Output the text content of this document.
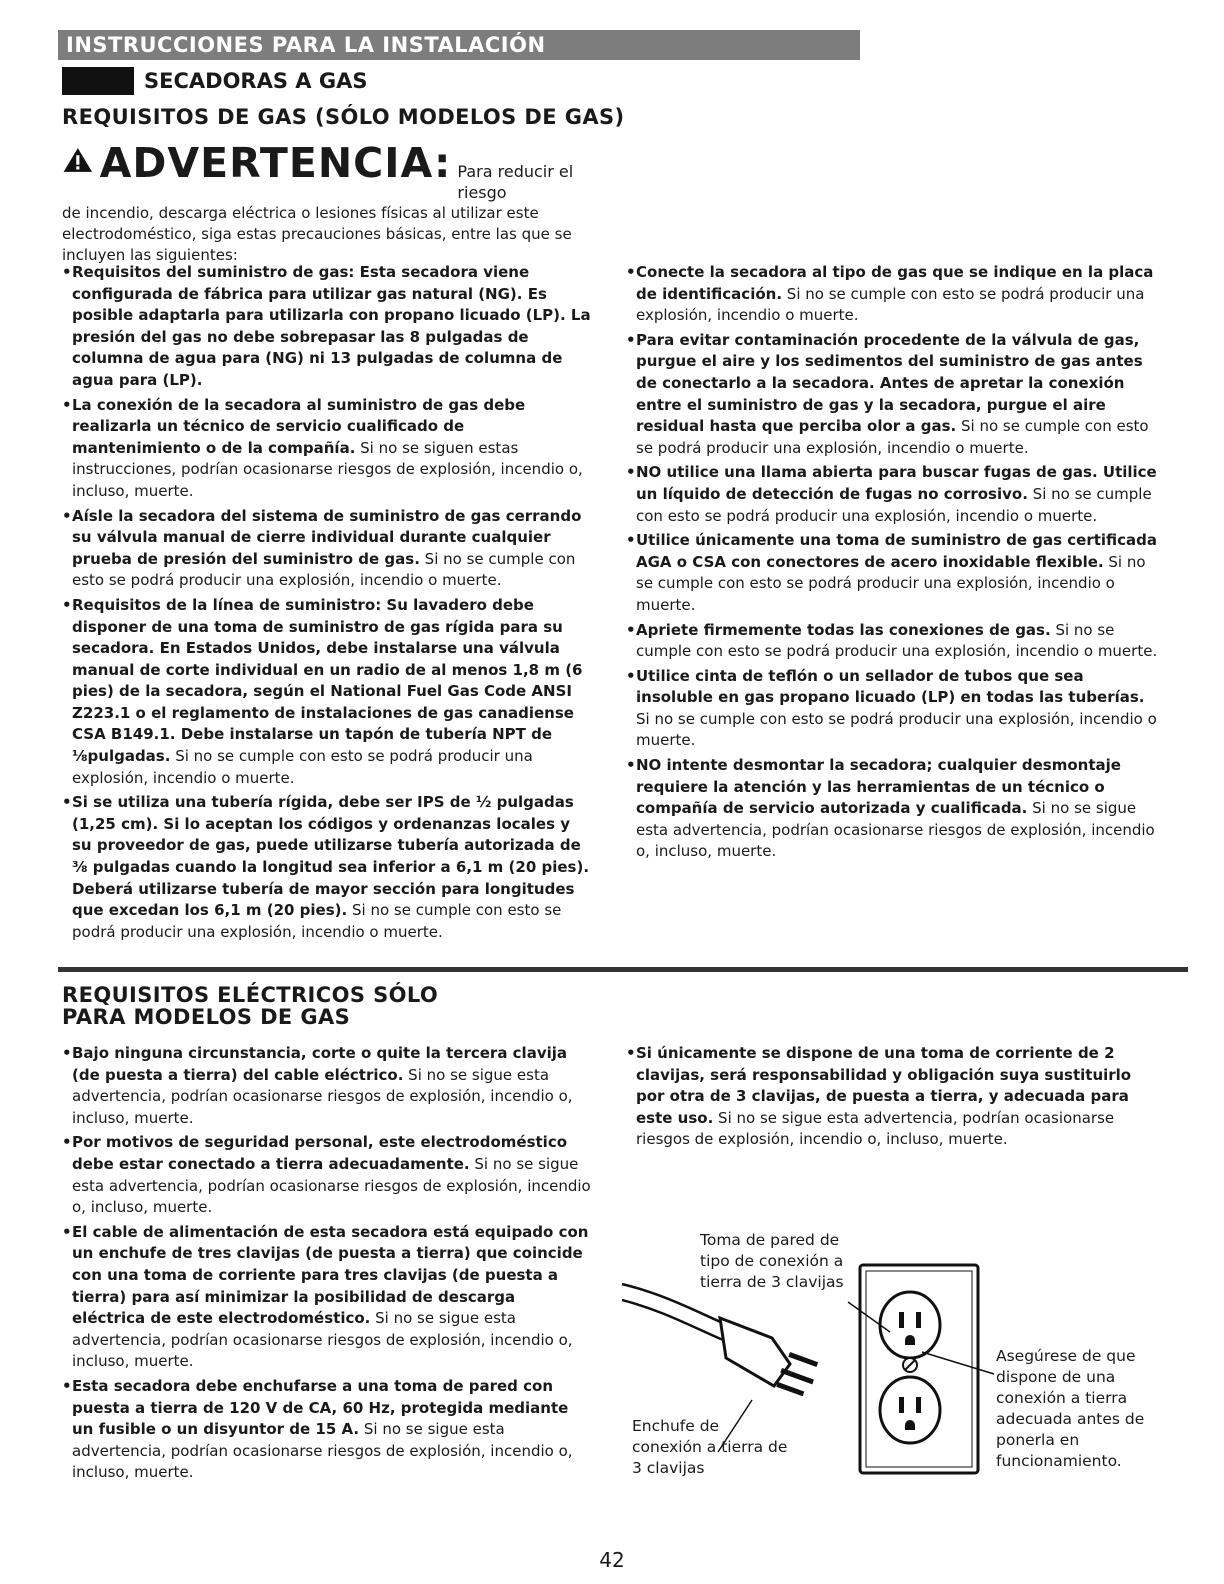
INSTRUCCIONES PARA LA INSTALACIÓN
SECADORAS A GAS
REQUISITOS DE GAS (SÓLO MODELOS DE GAS)
ADVERTENCIA: Para reducir el riesgo
de incendio, descarga eléctrica o lesiones físicas al utilizar este electrodoméstico, siga estas precauciones básicas, entre las que se incluyen las siguientes:
• Requisitos del suministro de gas: Esta secadora viene configurada de fábrica para utilizar gas natural (NG). Es posible adaptarla para utilizarla con propano licuado (LP). La presión del gas no debe sobrepasar las 8 pulgadas de columna de agua para (NG) ni 13 pulgadas de columna de agua para (LP).
• La conexión de la secadora al suministro de gas debe realizarla un técnico de servicio cualificado de mantenimiento o de la compañía. Si no se siguen estas instrucciones, podrían ocasionarse riesgos de explosión, incendio o, incluso, muerte.
• Aísle la secadora del sistema de suministro de gas cerrando su válvula manual de cierre individual durante cualquier prueba de presión del suministro de gas. Si no se cumple con esto se podrá producir una explosión, incendio o muerte.
• Requisitos de la línea de suministro: Su lavadero debe disponer de una toma de suministro de gas rígida para su secadora. En Estados Unidos, debe instalarse una válvula manual de corte individual en un radio de al menos 1,8 m (6 pies) de la secadora, según el National Fuel Gas Code ANSI Z223.1 o el reglamento de instalaciones de gas canadiense CSA B149.1. Debe instalarse un tapón de tubería NPT de ⅛pulgadas. Si no se cumple con esto se podrá producir una explosión, incendio o muerte.
• Si se utiliza una tubería rígida, debe ser IPS de ½ pulgadas (1,25 cm). Si lo aceptan los códigos y ordenanzas locales y su proveedor de gas, puede utilizarse tubería autorizada de ⅜ pulgadas cuando la longitud sea inferior a 6,1 m (20 pies). Deberá utilizarse tubería de mayor sección para longitudes que excedan los 6,1 m (20 pies). Si no se cumple con esto se podrá producir una explosión, incendio o muerte.
• Conecte la secadora al tipo de gas que se indique en la placa de identificación. Si no se cumple con esto se podrá producir una explosión, incendio o muerte.
• Para evitar contaminación procedente de la válvula de gas, purgue el aire y los sedimentos del suministro de gas antes de conectarlo a la secadora. Antes de apretar la conexión entre el suministro de gas y la secadora, purgue el aire residual hasta que perciba olor a gas. Si no se cumple con esto se podrá producir una explosión, incendio o muerte.
• NO utilice una llama abierta para buscar fugas de gas. Utilice un líquido de detección de fugas no corrosivo. Si no se cumple con esto se podrá producir una explosión, incendio o muerte.
• Utilice únicamente una toma de suministro de gas certificada AGA o CSA con conectores de acero inoxidable flexible. Si no se cumple con esto se podrá producir una explosión, incendio o muerte.
• Apriete firmemente todas las conexiones de gas. Si no se cumple con esto se podrá producir una explosión, incendio o muerte.
• Utilice cinta de teflón o un sellador de tubos que sea insoluble en gas propano licuado (LP) en todas las tuberías. Si no se cumple con esto se podrá producir una explosión, incendio o muerte.
• NO intente desmontar la secadora; cualquier desmontaje requiere la atención y las herramientas de un técnico o compañía de servicio autorizada y cualificada. Si no se sigue esta advertencia, podrían ocasionarse riesgos de explosión, incendio o, incluso, muerte.
REQUISITOS ELÉCTRICOS SÓLO
PARA MODELOS DE GAS
• Bajo ninguna circunstancia, corte o quite la tercera clavija (de puesta a tierra) del cable eléctrico. Si no se sigue esta advertencia, podrían ocasionarse riesgos de explosión, incendio o, incluso, muerte.
• Por motivos de seguridad personal, este electrodoméstico debe estar conectado a tierra adecuadamente. Si no se sigue esta advertencia, podrían ocasionarse riesgos de explosión, incendio o, incluso, muerte.
• El cable de alimentación de esta secadora está equipado con un enchufe de tres clavijas (de puesta a tierra) que coincide con una toma de corriente para tres clavijas (de puesta a tierra) para así minimizar la posibilidad de descarga eléctrica de este electrodoméstico. Si no se sigue esta advertencia, podrían ocasionarse riesgos de explosión, incendio o, incluso, muerte.
• Esta secadora debe enchufarse a una toma de pared con puesta a tierra de 120 V de CA, 60 Hz, protegida mediante un fusible o un disyuntor de 15 A. Si no se sigue esta advertencia, podrían ocasionarse riesgos de explosión, incendio o, incluso, muerte.
• Si únicamente se dispone de una toma de corriente de 2 clavijas, será responsabilidad y obligación suya sustituirlo por otra de 3 clavijas, de puesta a tierra, y adecuada para este uso. Si no se sigue esta advertencia, podrían ocasionarse riesgos de explosión, incendio o, incluso, muerte.
Toma de pared de tipo de conexión a tierra de 3 clavijas
Enchufe de conexión a tierra de 3 clavijas
Asegúrese de que dispone de una conexión a tierra adecuada antes de ponerla en funcionamiento.
42
